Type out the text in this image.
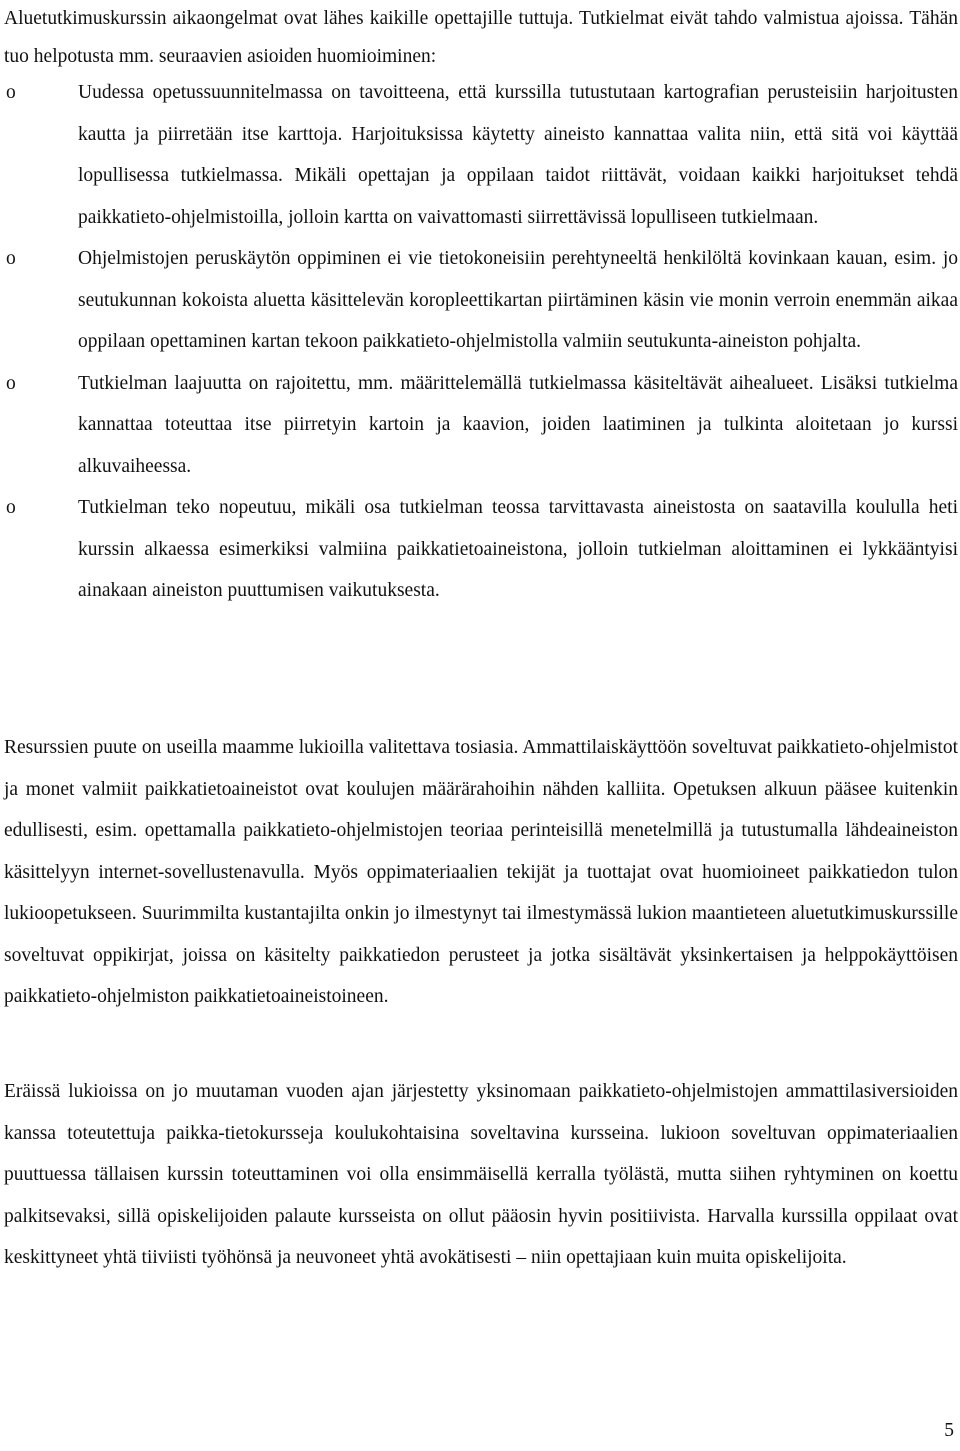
Aluetutkimuskurssin aikaongelmat ovat lähes kaikille opettajille tuttuja. Tutkielmat eivät tahdo valmistua ajoissa. Tähän tuo helpotusta mm. seuraavien asioiden huomioiminen:

o	Uudessa opetussuunnitelmassa on tavoitteena, että kurssilla tutustutaan kartografian perusteisiin harjoitusten kautta ja piirretään itse karttoja. Harjoituksissa käytetty aineisto kannattaa valita niin, että sitä voi käyttää lopullisessa tutkielmassa. Mikäli opettajan ja oppilaan taidot riittävät, voidaan kaikki harjoitukset tehdä paikkatieto-ohjelmistoilla, jolloin kartta on vaivattomasti siirrettävissä lopulliseen tutkielmaan.
o	Ohjelmistojen peruskäytön oppiminen ei vie tietokoneisiin perehtyneeltä henkilöltä kovinkaan kauan, esim. jo seutukunnan kokoista aluetta käsittelevän koropleettikartan piirtäminen käsin vie monin verroin enemmän aikaa oppilaan opettaminen kartan tekoon paikkatieto-ohjelmistolla valmiin seutukunta-aineiston pohjalta.
o	Tutkielman laajuutta on rajoitettu, mm. määrittelemällä tutkielmassa käsiteltävät aihealueet. Lisäksi tutkielma kannattaa toteuttaa itse piirretyin kartoin ja kaavion, joiden laatiminen ja tulkinta aloitetaan jo kurssi alkuvaiheessa.
o	Tutkielman teko nopeutuu, mikäli osa tutkielman teossa tarvittavasta aineistosta on saatavilla koululla heti kurssin alkaessa esimerkiksi valmiina paikkatietoaineistona, jolloin tutkielman aloittaminen ei lykkääntyisi ainakaan aineiston puuttumisen vaikutuksesta.

Resurssien puute on useilla maamme lukioilla valitettava tosiasia. Ammattilaiskäyttöön soveltuvat paikkatieto-ohjelmistot ja monet valmiit paikkatietoaineistot ovat koulujen määrärahoihin nähden kalliita. Opetuksen alkuun pääsee kuitenkin edullisesti, esim. opettamalla paikkatieto-ohjelmistojen teoriaa perinteisillä menetelmillä ja tutustumalla lähdeaineiston käsittelyyn internet-sovellustenavulla. Myös oppimateriaalien tekijät ja tuottajat ovat huomioineet paikkatiedon tulon lukioopetukseen. Suurimmilta kustantajilta onkin jo ilmestynyt tai ilmestymässä lukion maantieteen aluetutkimuskurssille soveltuvat oppikirjat, joissa on käsitelty paikkatiedon perusteet ja jotka sisältävät yksinkertaisen ja helppokäyttöisen paikkatieto-ohjelmiston paikkatietoaineistoineen.

Eräissä lukioissa on jo muutaman vuoden ajan järjestetty yksinomaan paikkatieto-ohjelmistojen ammattilasiversioiden kanssa toteutettuja paikka-tietokursseja koulukohtaisina soveltavina kursseina. lukioon soveltuvan oppimateriaalien puuttuessa tällaisen kurssin toteuttaminen voi olla ensimmäisellä kerralla työlästä, mutta siihen ryhtyminen on koettu palkitsevaksi, sillä opiskelijoiden palaute kursseista on ollut pääosin hyvin positiivista. Harvalla kurssilla oppilaat ovat keskittyneet yhtä tiiviisti työhönsä ja neuvoneet yhtä avokätisesti – niin opettajiaan kuin muita opiskelijoita.

5
